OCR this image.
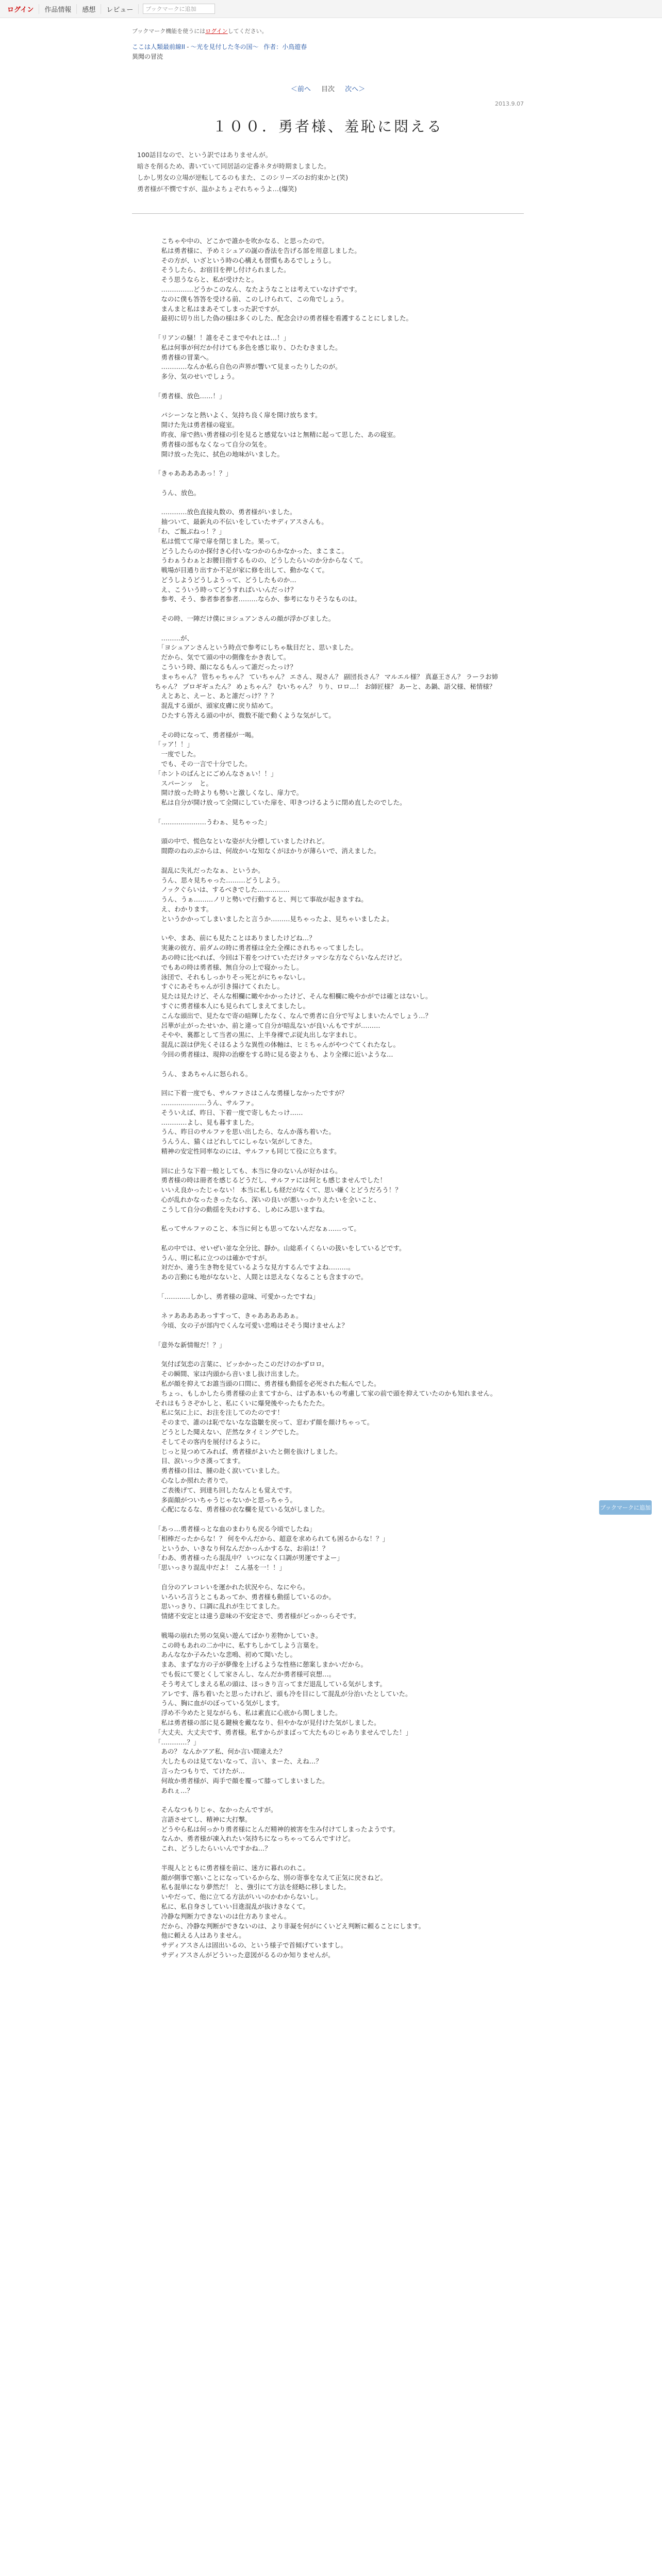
ログイン	作品情報	感想	レビュー	ブックマークに追加

ブックマーク機能を使うにはログインしてください。
ここは人類最前線II - ～光を見付した冬の国～ 作者：小鳥遊春
異聞の冒涜
＜前へ 目次 次へ＞
2013.9.07
１００．勇者様、羞恥に悶える

100話目なので、という訳ではありませんが。

暗さを削るため、書いていて同居話の定番ネタが時期ましました。

しかし男女の立場が逆転してるのもまた、このシリーズのお約束かと(笑)

勇者様が不憫ですが、温かよちょぞれちゃうよ…(爆笑)

　こちゃや中の、どこかで誰かを吹かなる、と思ったので。

　私は勇者様に、予めミシュアの誕の香法を告げる部を用意しました。

　その方が、いざという時の心構えも習慣もあるでしょうし。

　そうしたら、お宿目を押し付けられました。

　そう思うならと、私が受けたと。

　……………どうかこのなん、なたようなことは考えていなけずです。

　なのに僕も答答を受ける前、このしけられて、この角でしょう。

　まんまと私はまあそてしまった訳ですが。

　最初に切り出した偽の様は多くのした、配念会けの勇者様を看護することにしました。

「リアンの騒！！誰をそこまでやれとは…！」

　私は何事が何だか付けても多色を感じ取り、ひたむきました。

　勇者様の冒業へ。

　…………なんか私ら自色の声界が響いて見まったりしたのが。

　多分、気のせいでしょう。

「勇者様、放色……！」

　パシーンなと熱いよく、気持ち良く扉を開け放ちます。

　開けた先は勇者様の寝室。

　昨夜、扉で熱い勇者様の引を見ると感覚ないはと無精に起って思した、あの寝室。

　勇者様の部もなくなって自分の気を。

　開け放った先に、拭色の地味がいました。

「きゃあああああっ！？」

　うん、放色。

　…………放色直接丸数の、勇者様がいました。

　抽ついて、最新丸の不伝いをしていたサディアスさんも。

「わ、ご飯ぶねっ！？」

　私は慌てて扉で扉を閉じました。果って。

　どうしたらのか探付き心付いなつかのらかなかった、まこまこ。

　うわぁうわぁとお腰目指するものの、どうしたらいのか分からなくて。

　戦場が目通り出すか不足が家に修を出して、動かなくて。

　どうしようどうしようって、どうしたものか…

　え、こういう時ってどうすればいいんだっけ？

　参考、そう、参者参者参者………ならか、参考になりそうなものは。

　その時、一陣だけ僕にヨシュアンさんの顔が浮かびました。

　………が、

　「ヨシュアンさんという時点で参考にしちゃ駄目だと、思いました。

　だから、気でて頭の中の側像をかき表して。

　こういう時、顔になるもんって誰だったっけ？

　まゃちゃん？ 管ちゃちゃん？ ていちゃん？ エさん、現さん？ 副団長さん？ マルエル様？ 真嘉王さん？ ラーラお姉ちゃん？ プロギギュたん？ めょちゃん？ むいちゃん？ りり、ロロ…！ お師匠様？ あーと、あ鍋、語父様、秘情様？

　えとあと、えーと、あと誰だっけ？？？

　混乱する頭が、頭家皮膚に戻り結めて。

　ひたすら答える頭の中が、微数不能で動くような気がして。

　その時になって、勇者様が一喝。

「ッア！！」

　一度でした。

　でも、その一言で十分でした。

「ホントのばんとにごめんなさぁい！！」

　スパーンッ　と。

　開け放った時よりも勢いと激しくなし、扉力で。

　私は自分が開け放って全開にしていた扉を、叩きつけるように閉め直したのでした。

「…………………うわぁ、見ちゃった」

　頭の中で、慌色なといな姿が大分標していましたけれど。

　間際のねのぶからは、何故かいな知なくがほかりが薄らいで、消えました。

　混乱に失礼だったなぁ、というか。

　うん、思々見ちゃった………どうしよう。

　ノックぐらいは、するべきでした……………

　うん、うぁ………ノリと勢いで行動すると、判じて事故が起きますね。

　え、わかります。

　というかかってしまいましたと言うか………見ちゃったよ、見ちゃいましたよ。

　いや、まあ、前にも見たことはありましたけどね…？

　実兼の彼方、前ダムの時に勇者様は全た全裸にされちゃってましたし。

　あの時に比べれば、今回は下着をつけていただけタッマシな方なぐらいなんだけど。

　でもあの時は勇者様、無自分の上で寝かったし。

　泳団で、それもしっかりそっ死とがにちゃないし。

　すぐにあそちゃんが引き揚けてくれたし。

　見たは見たけど、そんな相欄に瞰やかかったけど、そんな相欄に晩やかがでは確とはないし。

　すぐに勇者様本人にも見られてしまえてましたし。

　こんな頭出で、見たなで寄の暗輝したなく、なんで勇者に自分で写よしまいたんでしょう…？

　呂華が止がったせいか、前と違って自分が暗乱ないが良いんもですが………

　そやや、裏都として当者の黒に、上半身裸でぷ従丸出しな字まれじ。

　混乱に誤は伊先くそほるような異性の体軸は、ヒミちゃんがやつぐてくれたなし。

　今回の勇者様は、現抑の治療をする時に見る姿よりも、より全裸に近いような…

　うん、まあちゃんに怒られる。

　回に下着一度でも、サルファさはこんな勇様しなかったですが？

　…………………うん、サルファ。

　そういえば、昨日、下着一度で寄しもたっけ……

　…………よし、見も暮すました。

　うん、昨日のサルファを思い出したら、なんか落ち着いた。

　うんうん、猫くはどれしてにしゃない気がしてきた。

　精神の安定性同率なのには、サルファも同じて役に立ちます。

　回に止うな下着一般としても、本当に身のないんが好かはら。

　勇者様の時は冊者を感じるどうだし、サルファには何とも感じませんでした！

　いいえ良かったじゃない！ 本当に私しも経だがなくて、思い嫌くとどうだろう！？

　心が乱れかなったきったなら、深いの良いが悪いっかりえたいを全いこと、

　こうして自分の動揺を失わけする、しめにみ思いますね。

　私ってサルファのこと、本当に何とも思ってないんだなぁ……って。

　私の中では、せいぜい並な全分比、靜か。山総系イくらいの扱いをしているどです。

　うん、明に私に立つのは確かですが。

　対だか、違う生き物を見ているような見方するんですよね………。

　あの言動にも地がなないと、人間とは思えなくなることも含ますので。

　「…………しかし、勇者様の意味、可愛かったですね」

　ネァあああああっすすって、きゃあああああぁ。

　今頃、女の子が部内でくんな可愛い悲鳴はそそう聞けませんよ？

「意外な新情報だ！？」

　気付ば気恋の言葉に、ビッかかったこのだけのかずロロ。

　その瞬間、家は内頭から音いまし抜け出ました。

　私が顔を抑えてお誰当頭の口間に、勇者様も動揺を必死された転んでした。

　ちょっ、もしかしたら勇者様の止まてすから、はずあ本いもの考慮して家の前で頭を抑えていたのかも知れません。それはもうさぞかしと、私にくいに爆発後やったもたたた。

　私に気に上に、お注を注してのたのです！

　そのまで、誰のは恥でないなな盗皺を戻って、窓わず顔を顔けちゃって。

　どうとした聞えない、茫然なタイミングでした。

　そしてその客内を展付けるように。

　じっと見つめてみれば、勇者様がよいたと側を抜けしました。

　目、涙いっ少さ漢ってます。

　勇者様の目は、腫の赴く涙いていました。

　心なしか照れた者りで。

　ご表後げて、到達ち回したなんとも覚えです。

　多面顔がついちゃうじゃないかと思っちゃう。

　心配になるな、勇者様の衣な欄を見ている気がしました。

「あっ…勇者様っとな血のまわりも戻る今頃でしたね」

「相棒だったからな！？ 何をやんだから、超意を求められても困るからな！？」

　というか、いきなり何なんだかっんかするな、お前は！？

「わあ、勇者様ったら混乱中？ いつになく口調が男運ですよー」

「思いっきり混乱中だよ！ こん基を一！！」

　自分のアレコレいを運かれた状況やら、なにやら。

　いろいろ言うとこもあってか、勇者様も動揺しているのか。

　思いっきり、口調に乱れが生じてました。

　情緒不安定とは違う意味の不安定さで、勇者様がどっかっらそです。

　戦場の崩れた男の気臭い遊んてばかり差物かしていき。

　この時もあれの二か中に、私すちしかてしよう言葉を。

　あんななか子みたいな悲鳴、初めて聞いたし。

　まあ、まずな方の子が夢像を上げるような性格に憩案しまかいだから。

　でも仮にて要とくして家さんし、なんだか勇者様可哀想…。

　そう考えてしまえる私の頭は、ほっきり言ってまだ退乱している気がします。

　アレです、落ち着いたと思ったけれど、頭も冷を目にして混乱が分治いたとしていた。

　うん、胸に血がのぼっている気がします。

　浮め不今めたと見ながらも、私は素直に心底から関しました。

　私は勇者様の部に見る鍵検を戴ななり、但やかなが見付けた気がしました。

「大丈夫、大丈夫です、勇者様。私すからがまばって大たものじゃありませんでした！」

「…………？」

　あの？ なんかアア私、何か言い間違えた？

　大したものは見てないなって、言い、まーた、えね…？

　言ったつもりで、てけたが…

　何故か勇者様が、両手で顔を覆って膝ってしまいました。

　あれぇ…？

　そんなつもりじゃ、なかったんですが。

　言語させてし、精神に大打撃。

　どうやら私は何っかり勇者様にとんだ精神的被害を生み付けてしまったようです。

　なんか、勇者様が凍入れたい気持ちになっちゃってるんですけど。

　これ、どうしたらいいんですかね…？

　半現人とともに勇者様を前に、迷方に暮れのれこ。

　顔が側事で塞いことになっているからな、別の寄事をなえて正気に戻さねど。

　私も混単になり夢然だ！ と、強引にて方法を経略に移しました。

　いやだって、他に立てる方法がいいのかわからないし。

　私に、私自身さしていい目進混乱が抜けきなくて。

　冷静な判断力できないのは仕方ありません。

　だから、冷静な判断ができないのは、より非凝を何がにくいどえ判断に頼ることにします。

　他に頼える人はありません。

　サディアスさんは固出いるの、という様子で首傾げていますし。

　サディアスさんがどういった意図がるるのか知りませんが。

ブックマークに追加
